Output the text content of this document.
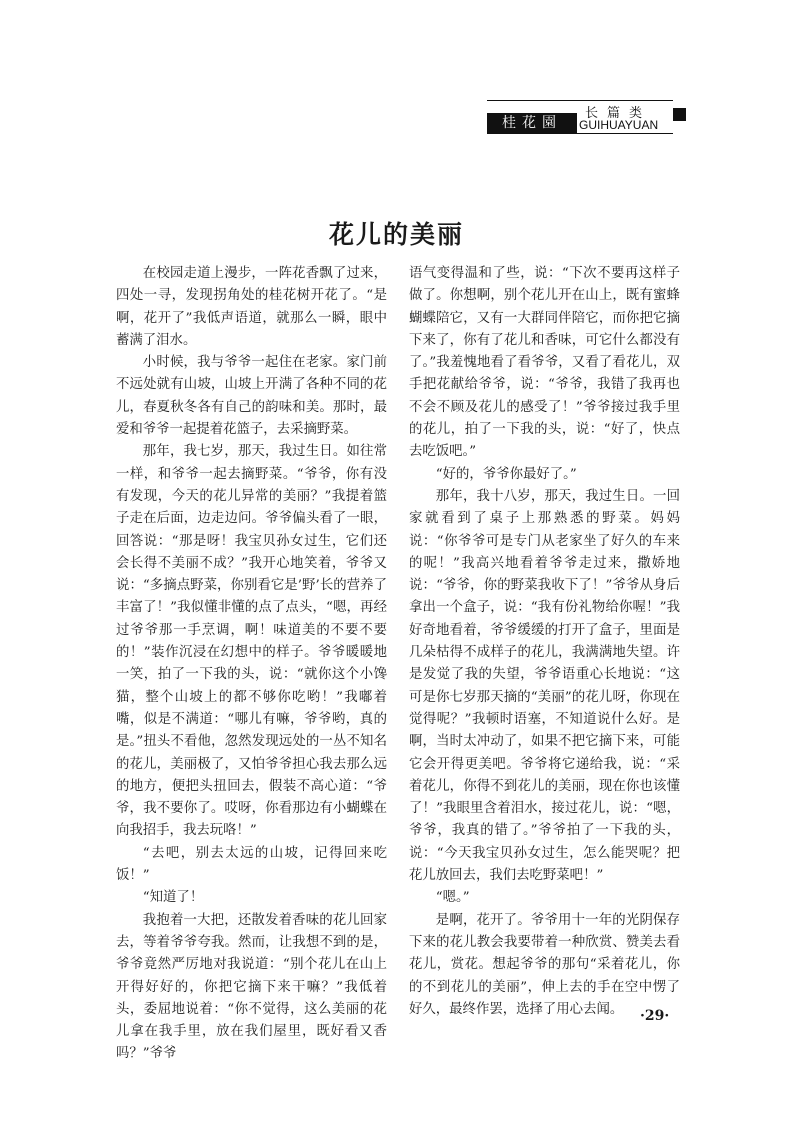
桂花園
长篇类
GUIHUAYUAN
花儿的美丽

在校园走道上漫步，一阵花香飘了过来，四处一寻，发现拐角处的桂花树开花了。“是啊，花开了”我低声语道，就那么一瞬，眼中蓄满了泪水。

小时候，我与爷爷一起住在老家。家门前不远处就有山坡，山坡上开满了各种不同的花儿，春夏秋冬各有自己的韵味和美。那时，最爱和爷爷一起提着花篮子，去采摘野菜。

那年，我七岁，那天，我过生日。如往常一样，和爷爷一起去摘野菜。“爷爷，你有没有发现，今天的花儿异常的美丽？”我提着篮子走在后面，边走边问。爷爷偏头看了一眼，回答说：“那是呀！我宝贝孙女过生，它们还会长得不美丽不成？”我开心地笑着，爷爷又说：“多摘点野菜，你别看它是’野’长的营养了丰富了！”我似懂非懂的点了点头，“嗯，再经过爷爷那一手烹调，啊！味道美的不要不要的！”装作沉浸在幻想中的样子。爷爷暖暖地一笑，拍了一下我的头，说：“就你这个小馋猫，整个山坡上的都不够你吃哟！”我嘟着嘴，似是不满道：“哪儿有嘛，爷爷哟，真的是。”扭头不看他，忽然发现远处的一丛不知名的花儿，美丽极了，又怕爷爷担心我去那么远的地方，便把头扭回去，假装不高心道：“爷爷，我不要你了。哎呀，你看那边有小蝴蝶在向我招手，我去玩咯！”

“去吧，别去太远的山坡，记得回来吃饭！”

“知道了！

我抱着一大把，还散发着香味的花儿回家去，等着爷爷夸我。然而，让我想不到的是，爷爷竟然严厉地对我说道：“别个花儿在山上开得好好的，你把它摘下来干嘛？”我低着头，委屈地说着：“你不觉得，这么美丽的花儿拿在我手里，放在我们屋里，既好看又香吗？”爷爷

语气变得温和了些，说：“下次不要再这样子做了。你想啊，别个花儿开在山上，既有蜜蜂蝴蝶陪它，又有一大群同伴陪它，而你把它摘下来了，你有了花儿和香味，可它什么都没有了。”我羞愧地看了看爷爷，又看了看花儿，双手把花献给爷爷，说：“爷爷，我错了我再也不会不顾及花儿的感受了！”爷爷接过我手里的花儿，拍了一下我的头，说：“好了，快点去吃饭吧。”

“好的，爷爷你最好了。”

那年，我十八岁，那天，我过生日。一回家就看到了桌子上那熟悉的野菜。妈妈说：“你爷爷可是专门从老家坐了好久的车来的呢！”我高兴地看着爷爷走过来，撒娇地说：“爷爷，你的野菜我收下了！”爷爷从身后拿出一个盒子，说：“我有份礼物给你喔！”我好奇地看着，爷爷缓缓的打开了盒子，里面是几朵枯得不成样子的花儿，我满满地失望。许是发觉了我的失望，爷爷语重心长地说：“这可是你七岁那天摘的“美丽”的花儿呀，你现在觉得呢？”我顿时语塞，不知道说什么好。是啊，当时太冲动了，如果不把它摘下来，可能它会开得更美吧。爷爷将它递给我，说：“采着花儿，你得不到花儿的美丽，现在你也该懂了！”我眼里含着泪水，接过花儿，说：“嗯，爷爷，我真的错了。”爷爷拍了一下我的头，说：“今天我宝贝孙女过生，怎么能哭呢？把花儿放回去，我们去吃野菜吧！”

“嗯。”

是啊，花开了。爷爷用十一年的光阴保存下来的花儿教会我要带着一种欣赏、赞美去看花儿，赏花。想起爷爷的那句“采着花儿，你的不到花儿的美丽”，伸上去的手在空中愣了好久，最终作罢，选择了用心去闻。	·29·
